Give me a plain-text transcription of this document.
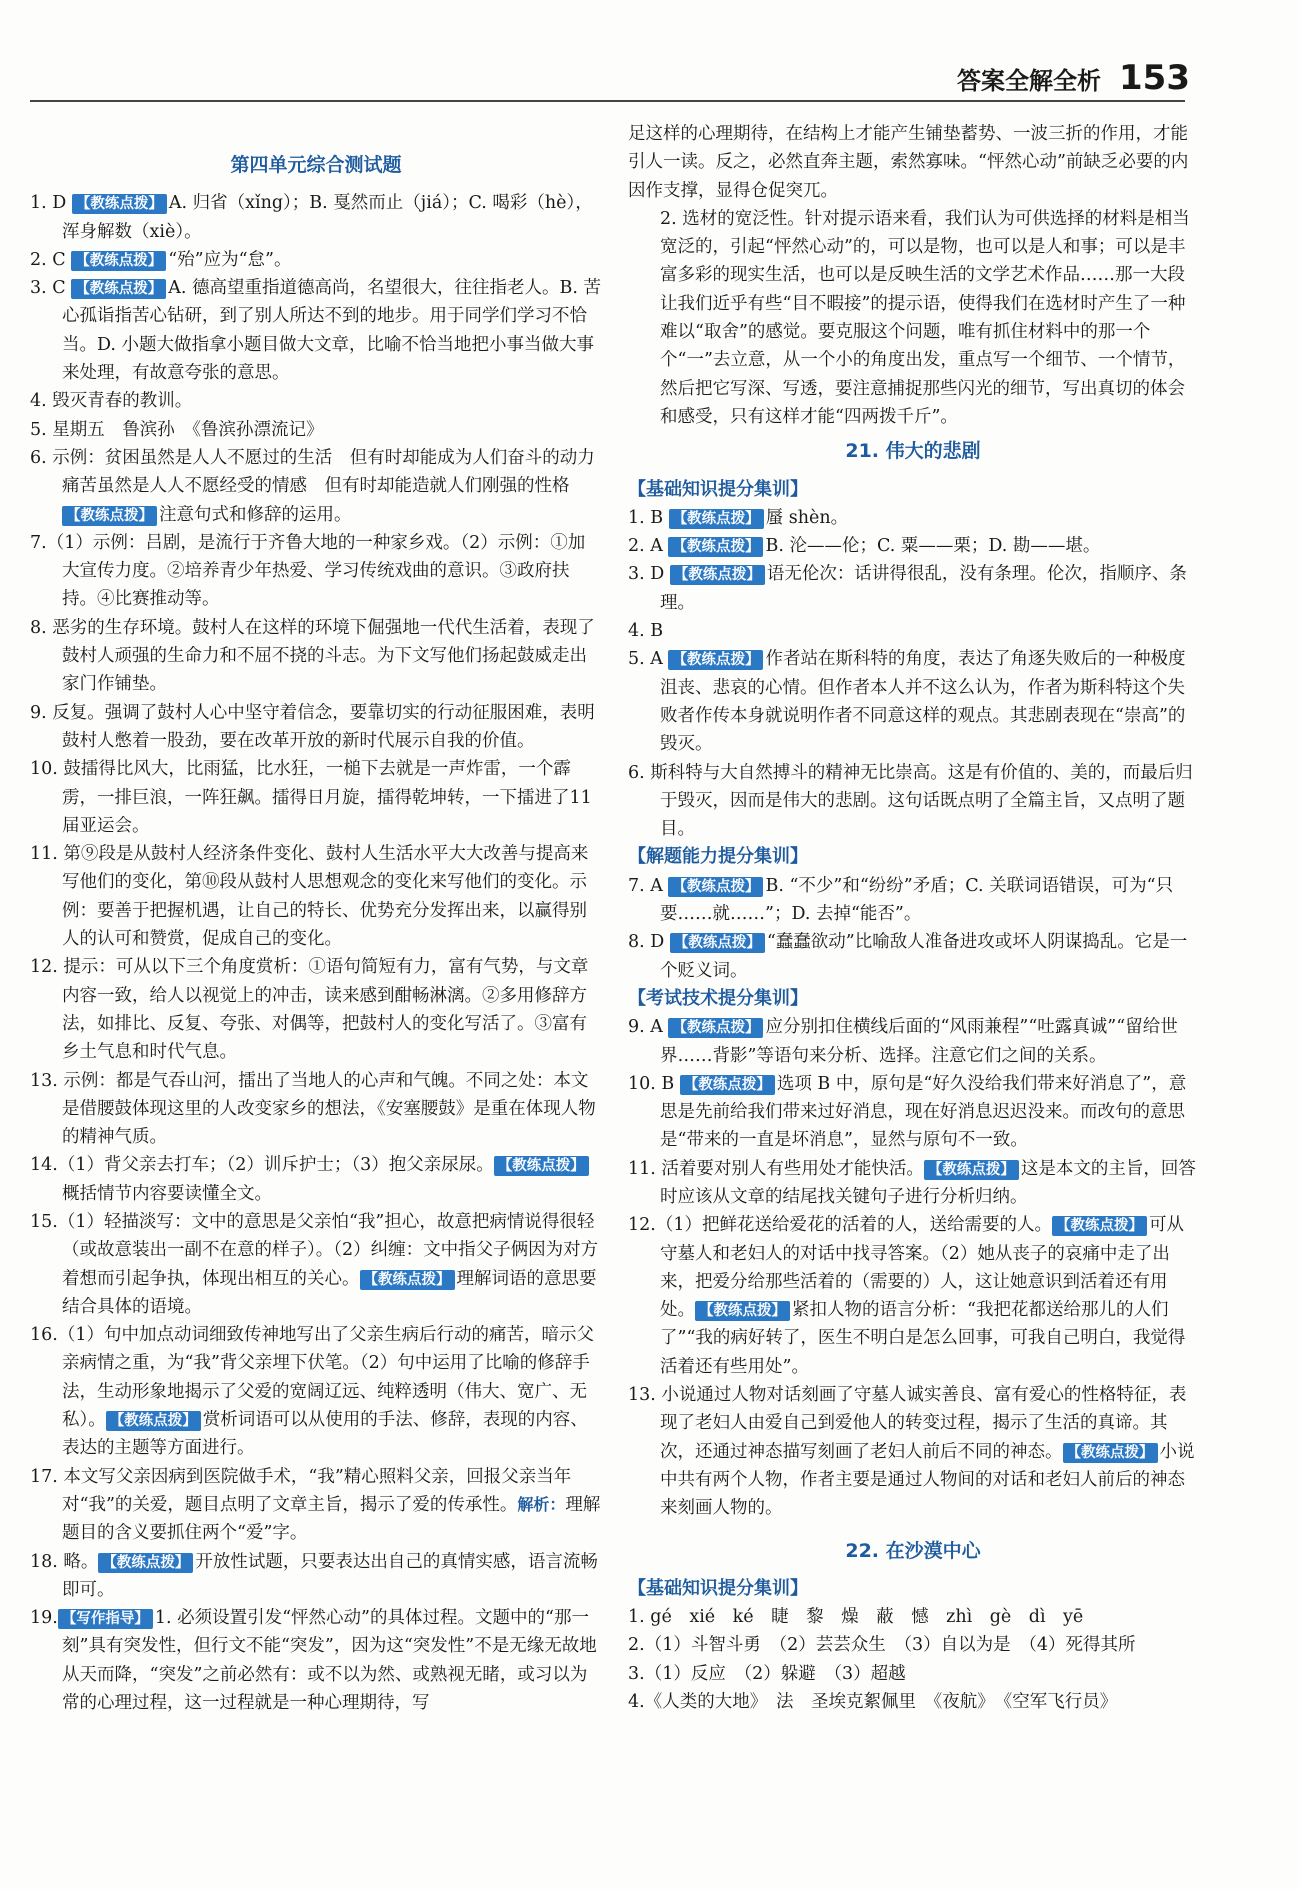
答案全解全析 153
第四单元综合测试题

1. D 【教练点拨】 A. 归省（xǐng）；B. 戛然而止（jiá）；C. 喝彩（hè），浑身解数（xiè）。

2. C 【教练点拨】 “殆”应为“怠”。

3. C 【教练点拨】 A. 德高望重指道德高尚，名望很大，往往指老人。B. 苦心孤诣指苦心钻研，到了别人所达不到的地步。用于同学们学习不恰当。D. 小题大做指拿小题目做大文章，比喻不恰当地把小事当做大事来处理，有故意夸张的意思。

4. 毁灭青春的教训。

5. 星期五　鲁滨孙　《鲁滨孙漂流记》

6. 示例：贫困虽然是人人不愿过的生活　但有时却能成为人们奋斗的动力　痛苦虽然是人人不愿经受的情感　但有时却能造就人们刚强的性格 【教练点拨】 注意句式和修辞的运用。

7.（1）示例：吕剧，是流行于齐鲁大地的一种家乡戏。（2）示例：①加大宣传力度。②培养青少年热爱、学习传统戏曲的意识。③政府扶持。④比赛推动等。

8. 恶劣的生存环境。鼓村人在这样的环境下倔强地一代代生活着，表现了鼓村人顽强的生命力和不屈不挠的斗志。为下文写他们扬起鼓威走出家门作铺垫。

9. 反复。强调了鼓村人心中坚守着信念，要靠切实的行动征服困难，表明鼓村人憋着一股劲，要在改革开放的新时代展示自我的价值。

10. 鼓擂得比风大，比雨猛，比水狂，一槌下去就是一声炸雷，一个霹雳，一排巨浪，一阵狂飙。擂得日月旋，擂得乾坤转，一下擂进了11届亚运会。

11. 第⑨段是从鼓村人经济条件变化、鼓村人生活水平大大改善与提高来写他们的变化，第⑩段从鼓村人思想观念的变化来写他们的变化。示例：要善于把握机遇，让自己的特长、优势充分发挥出来，以赢得别人的认可和赞赏，促成自己的变化。

12. 提示：可从以下三个角度赏析：①语句简短有力，富有气势，与文章内容一致，给人以视觉上的冲击，读来感到酣畅淋漓。②多用修辞方法，如排比、反复、夸张、对偶等，把鼓村人的变化写活了。③富有乡土气息和时代气息。

13. 示例：都是气吞山河，擂出了当地人的心声和气魄。不同之处：本文是借腰鼓体现这里的人改变家乡的想法，《安塞腰鼓》是重在体现人物的精神气质。

14.（1）背父亲去打车；（2）训斥护士；（3）抱父亲尿尿。 【教练点拨】概括情节内容要读懂全文。

15.（1）轻描淡写：文中的意思是父亲怕“我”担心，故意把病情说得很轻（或故意装出一副不在意的样子）。（2）纠缠：文中指父子俩因为对方着想而引起争执，体现出相互的关心。 【教练点拨】 理解词语的意思要结合具体的语境。

16.（1）句中加点动词细致传神地写出了父亲生病后行动的痛苦，暗示父亲病情之重，为“我”背父亲埋下伏笔。（2）句中运用了比喻的修辞手法，生动形象地揭示了父爱的宽阔辽远、纯粹透明（伟大、宽广、无私）。 【教练点拨】 赏析词语可以从使用的手法、修辞，表现的内容、表达的主题等方面进行。

17. 本文写父亲因病到医院做手术，“我”精心照料父亲，回报父亲当年对“我”的关爱，题目点明了文章主旨，揭示了爱的传承性。解析：理解题目的含义要抓住两个“爱”字。

18. 略。 【教练点拨】 开放性试题，只要表达出自己的真情实感，语言流畅即可。

19. 【写作指导】 1. 必须设置引发“怦然心动”的具体过程。文题中的“那一刻”具有突发性，但行文不能“突发”，因为这“突发性”不是无缘无故地从天而降，“突发”之前必然有：或不以为然、或熟视无睹，或习以为常的心理过程，这一过程就是一种心理期待，写

足这样的心理期待，在结构上才能产生铺垫蓄势、一波三折的作用，才能引人一读。反之，必然直奔主题，索然寡味。“怦然心动”前缺乏必要的内因作支撑，显得仓促突兀。

2. 选材的宽泛性。针对提示语来看，我们认为可供选择的材料是相当宽泛的，引起“怦然心动”的，可以是物，也可以是人和事；可以是丰富多彩的现实生活，也可以是反映生活的文学艺术作品……那一大段让我们近乎有些“目不暇接”的提示语，使得我们在选材时产生了一种难以“取舍”的感觉。要克服这个问题，唯有抓住材料中的那一个个“一”去立意，从一个小的角度出发，重点写一个细节、一个情节，然后把它写深、写透，要注意捕捉那些闪光的细节，写出真切的体会和感受，只有这样才能“四两拨千斤”。

21. 伟大的悲剧
【基础知识提分集训】

1. B 【教练点拨】 蜃 shèn。

2. A 【教练点拨】 B. 沦——伦；C. 粟——栗；D. 勘——堪。

3. D 【教练点拨】 语无伦次：话讲得很乱，没有条理。伦次，指顺序、条理。

4. B

5. A 【教练点拨】 作者站在斯科特的角度，表达了角逐失败后的一种极度沮丧、悲哀的心情。但作者本人并不这么认为，作者为斯科特这个失败者作传本身就说明作者不同意这样的观点。其悲剧表现在“崇高”的毁灭。

6. 斯科特与大自然搏斗的精神无比崇高。这是有价值的、美的，而最后归于毁灭，因而是伟大的悲剧。这句话既点明了全篇主旨，又点明了题目。

【解题能力提分集训】

7. A 【教练点拨】 B. “不少”和“纷纷”矛盾；C. 关联词语错误，可为“只要……就……”；D. 去掉“能否”。

8. D 【教练点拨】 “蠢蠢欲动”比喻敌人准备进攻或坏人阴谋捣乱。它是一个贬义词。

【考试技术提分集训】

9. A 【教练点拨】 应分别扣住横线后面的“风雨兼程”“吐露真诚”“留给世界……背影”等语句来分析、选择。注意它们之间的关系。

10. B 【教练点拨】 选项 B 中，原句是“好久没给我们带来好消息了”，意思是先前给我们带来过好消息，现在好消息迟迟没来。而改句的意思是“带来的一直是坏消息”，显然与原句不一致。

11. 活着要对别人有些用处才能快活。 【教练点拨】 这是本文的主旨，回答时应该从文章的结尾找关键句子进行分析归纳。

12.（1）把鲜花送给爱花的活着的人，送给需要的人。 【教练点拨】 可从守墓人和老妇人的对话中找寻答案。（2）她从丧子的哀痛中走了出来，把爱分给那些活着的（需要的）人，这让她意识到活着还有用处。 【教练点拨】 紧扣人物的语言分析：“我把花都送给那儿的人们了”“我的病好转了，医生不明白是怎么回事，可我自己明白，我觉得活着还有些用处”。

13. 小说通过人物对话刻画了守墓人诚实善良、富有爱心的性格特征，表现了老妇人由爱自己到爱他人的转变过程，揭示了生活的真谛。其次，还通过神态描写刻画了老妇人前后不同的神态。 【教练点拨】 小说中共有两个人物，作者主要是通过人物间的对话和老妇人前后的神态来刻画人物的。

22. 在沙漠中心
【基础知识提分集训】

1. gé　xié　ké　睫　黎　燥　蔽　憾　zhì　gè　dì　yē

2.（1）斗智斗勇　（2）芸芸众生　（3）自以为是　（4）死得其所

3.（1）反应　（2）躲避　（3）超越

4.《人类的大地》　法　圣埃克絮佩里　《夜航》　《空军飞行员》
